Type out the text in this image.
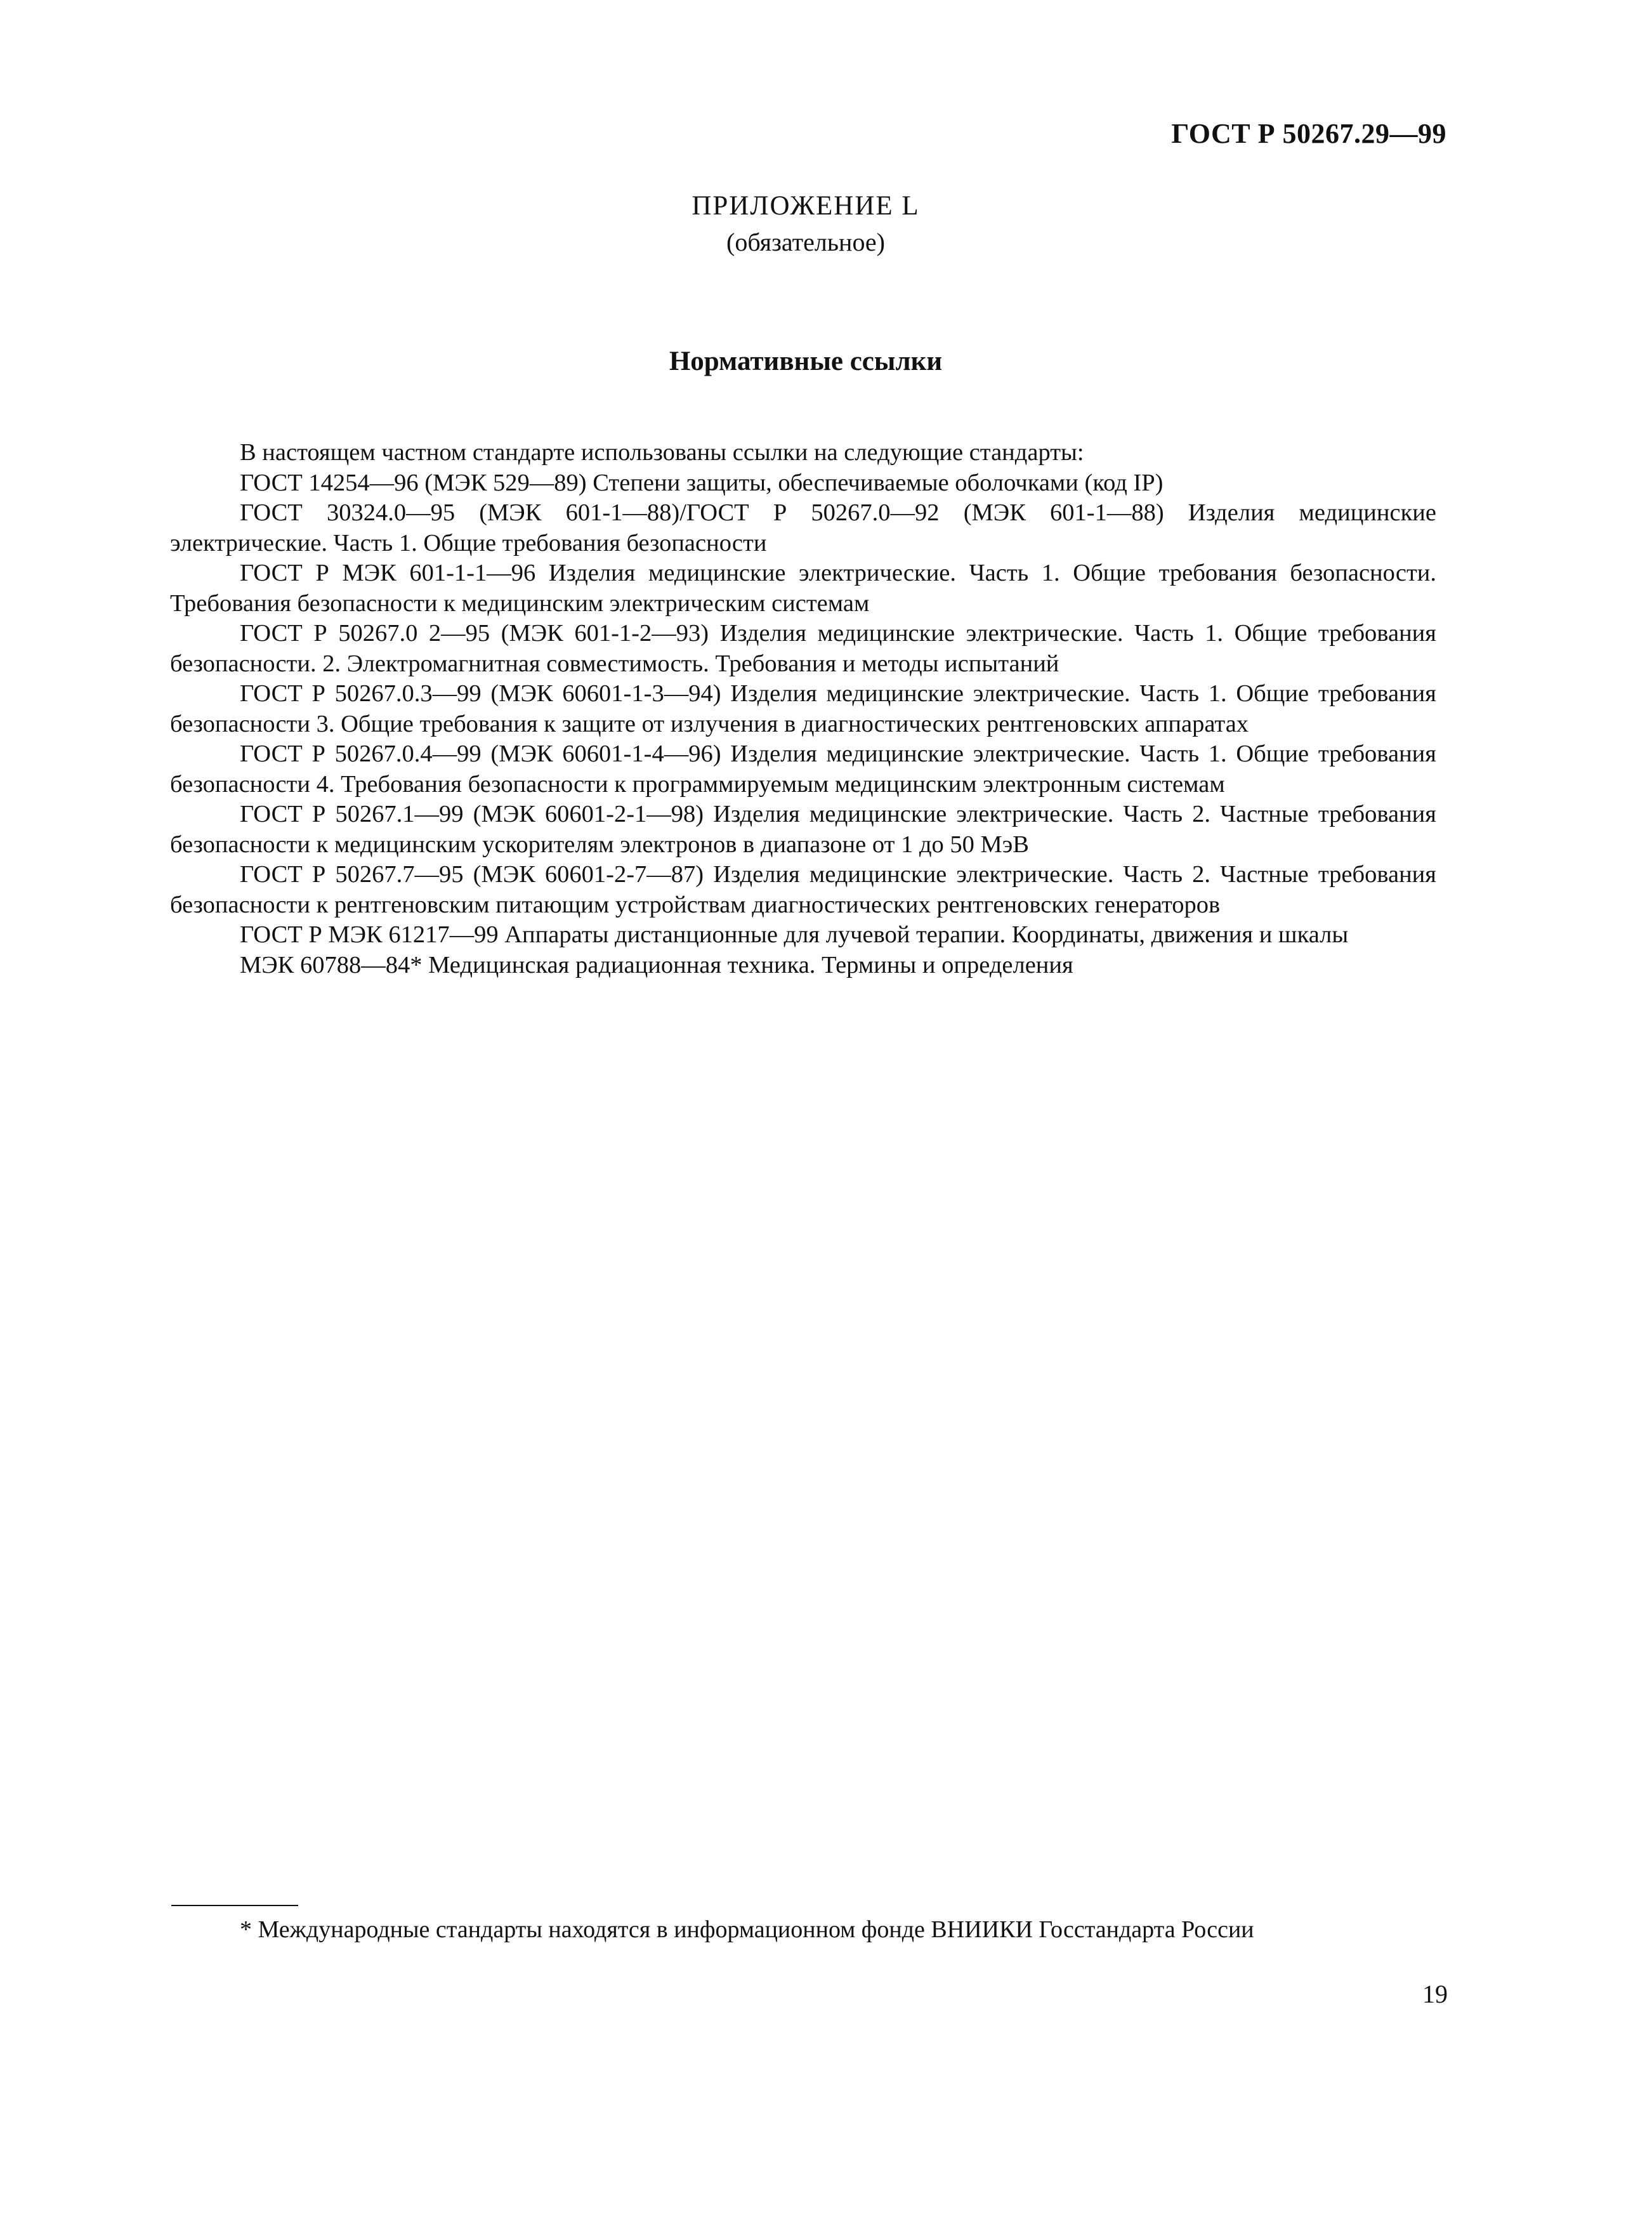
ГОСТ Р 50267.29—99
ПРИЛОЖЕНИЕ L
(обязательное)
Нормативные ссылки

В настоящем частном стандарте использованы ссылки на следующие стандарты:

ГОСТ 14254—96 (МЭК 529—89) Степени защиты, обеспечиваемые оболочками (код IP)

ГОСТ 30324.0—95 (МЭК 601-1—88)/ГОСТ Р 50267.0—92 (МЭК 601-1—88) Изделия медицинские электрические. Часть 1. Общие требования безопасности

ГОСТ Р МЭК 601-1-1—96 Изделия медицинские электрические. Часть 1. Общие требования безопасности. Требования безопасности к медицинским электрическим системам

ГОСТ Р 50267.0 2—95 (МЭК 601-1-2—93) Изделия медицинские электрические. Часть 1. Общие требования безопасности. 2. Электромагнитная совместимость. Требования и методы испытаний

ГОСТ Р 50267.0.3—99 (МЭК 60601-1-3—94) Изделия медицинские электрические. Часть 1. Общие требования безопасности 3. Общие требования к защите от излучения в диагностических рентгеновских аппаратах

ГОСТ Р 50267.0.4—99 (МЭК 60601-1-4—96) Изделия медицинские электрические. Часть 1. Общие требования безопасности 4. Требования безопасности к программируемым медицинским электронным системам

ГОСТ Р 50267.1—99 (МЭК 60601-2-1—98) Изделия медицинские электрические. Часть 2. Частные требования безопасности к медицинским ускорителям электронов в диапазоне от 1 до 50 МэВ

ГОСТ Р 50267.7—95 (МЭК 60601-2-7—87) Изделия медицинские электрические. Часть 2. Частные требования безопасности к рентгеновским питающим устройствам диагностических рентгеновских генераторов

ГОСТ Р МЭК 61217—99 Аппараты дистанционные для лучевой терапии. Координаты, движения и шкалы

МЭК 60788—84* Медицинская радиационная техника. Термины и определения

* Международные стандарты находятся в информационном фонде ВНИИКИ Госстандарта России
19
